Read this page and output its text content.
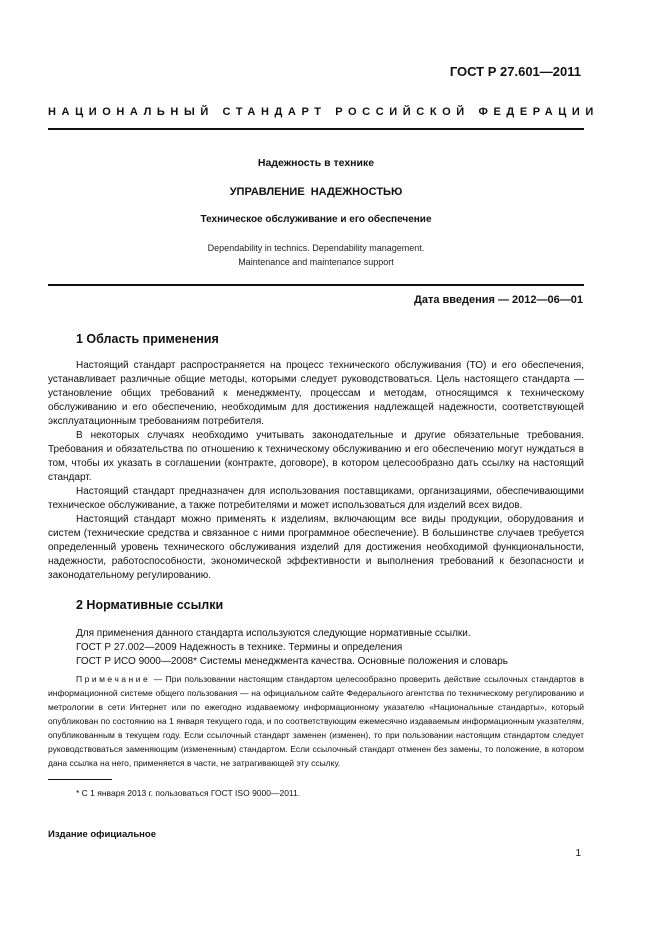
ГОСТ Р 27.601—2011
НАЦИОНАЛЬНЫЙ СТАНДАРТ РОССИЙСКОЙ ФЕДЕРАЦИИ
Надежность в технике
УПРАВЛЕНИЕ НАДЕЖНОСТЬЮ
Техническое обслуживание и его обеспечение
Dependability in technics. Dependability management.
Maintenance and maintenance support
Дата введения — 2012—06—01
1 Область применения

Настоящий стандарт распространяется на процесс технического обслуживания (ТО) и его обеспечения, устанавливает различные общие методы, которыми следует руководствоваться. Цель настоящего стандарта — установление общих требований к менеджменту, процессам и методам, относящимся к техническому обслуживанию и его обеспечению, необходимым для достижения надлежащей надежности, соответствующей эксплуатационным требованиям потребителя.

В некоторых случаях необходимо учитывать законодательные и другие обязательные требования. Требования и обязательства по отношению к техническому обслуживанию и его обеспечению могут нуждаться в том, чтобы их указать в соглашении (контракте, договоре), в котором целесообразно дать ссылку на настоящий стандарт.

Настоящий стандарт предназначен для использования поставщиками, организациями, обеспечивающими техническое обслуживание, а также потребителями и может использоваться для изделий всех видов.

Настоящий стандарт можно применять к изделиям, включающим все виды продукции, оборудования и систем (технические средства и связанное с ними программное обеспечение). В большинстве случаев требуется определенный уровень технического обслуживания изделий для достижения необходимой функциональности, надежности, работоспособности, экономической эффективности и выполнения требований к безопасности и законодательному регулированию.

2 Нормативные ссылки
Для применения данного стандарта используются следующие нормативные ссылки.
ГОСТ Р 27.002—2009 Надежность в технике. Термины и определения
ГОСТ Р ИСО 9000—2008* Системы менеджмента качества. Основные положения и словарь
Примечание — При пользовании настоящим стандартом целесообразно проверить действие ссылочных стандартов в информационной системе общего пользования — на официальном сайте Федерального агентства по техническому регулированию и метрологии в сети Интернет или по ежегодно издаваемому информационному указателю «Национальные стандарты», который опубликован по состоянию на 1 января текущего года, и по соответствующим ежемесячно издаваемым информационным указателям, опубликованным в текущем году. Если ссылочный стандарт заменен (изменен), то при пользовании настоящим стандартом следует руководствоваться заменяющим (измененным) стандартом. Если ссылочный стандарт отменен без замены, то положение, в котором дана ссылка на него, применяется в части, не затрагивающей эту ссылку.
* С 1 января 2013 г. пользоваться ГОСТ ISO 9000—2011.
Издание официальное
1
